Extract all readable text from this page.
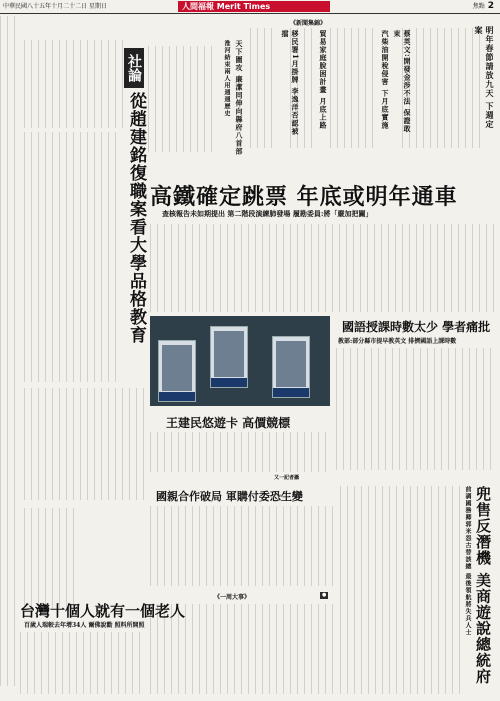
中華民國八十五年十月二十二日 星期日	人間福報 Merit Times	焦點 2
社論
從趙建銘復職案看大學品格教育
《新聞集錦》
明年春節請放九天 下週定案
蔡英文:開發金涉不法 保證敢束
汽柴油開稅侵害 下月底實施
貿易家庭脫困計畫 月底上路
移民署1月掛牌 李逸洋否認被擋
天下圍攻 廉潔同伸向縣府八首部
淮河結束兩人用週週歷史
高鐵確定跳票 年底或明年通車
查核報告未如期提出 第二階段演練肺發場 履勘委員:將「嚴加把關」
國語授課時數太少 學者痛批
教部:部分縣市提早教英文 排擠國語上課時數
王建民悠遊卡 高價競標
又一記者攝
國親合作破局 軍購付委恐生變
台灣十個人就有一個老人
百歲人瑞較去年增34人 爾佛說勸 照料所開照
《一周大事》	●	兜售反潛機 美商遊說總統府
前調國務卿郭米怨古替該總 最後領航將失兵人士
